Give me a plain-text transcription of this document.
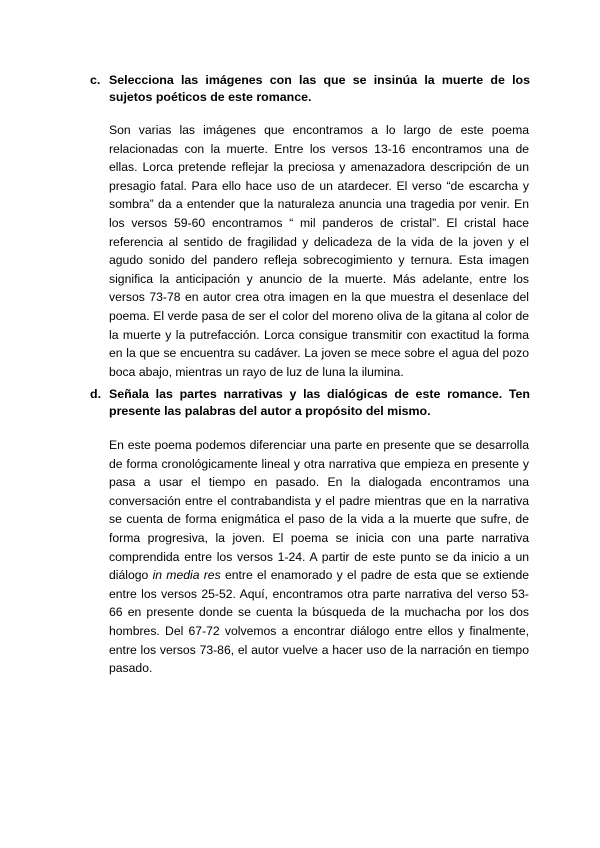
c. Selecciona las imágenes con las que se insinúa la muerte de los sujetos poéticos de este romance.
Son varias las imágenes que encontramos a lo largo de este poema relacionadas con la muerte. Entre los versos 13-16 encontramos una de ellas. Lorca pretende reflejar la preciosa y amenazadora descripción de un presagio fatal. Para ello hace uso de un atardecer. El verso “de escarcha y sombra” da a entender que la naturaleza anuncia una tragedia por venir. En los versos 59-60 encontramos “ mil panderos de cristal”. El cristal hace referencia al sentido de fragilidad y delicadeza de la vida de la joven y el agudo sonido del pandero refleja sobrecogimiento y ternura. Esta imagen significa la anticipación y anuncio de la muerte. Más adelante, entre los versos 73-78 en autor crea otra imagen en la que muestra el desenlace del poema. El verde pasa de ser el color del moreno oliva de la gitana al color de la muerte y la putrefacción. Lorca consigue transmitir con exactitud la forma en la que se encuentra su cadáver. La joven se mece sobre el agua del pozo boca abajo, mientras un rayo de luz de luna la ilumina.
d. Señala las partes narrativas y las dialógicas de este romance. Ten presente las palabras del autor a propósito del mismo.
En este poema podemos diferenciar una parte en presente que se desarrolla de forma cronológicamente lineal y otra narrativa que empieza en presente y pasa a usar el tiempo en pasado. En la dialogada encontramos una conversación entre el contrabandista y el padre mientras que en la narrativa se cuenta de forma enigmática el paso de la vida a la muerte que sufre, de forma progresiva, la joven. El poema se inicia con una parte narrativa comprendida entre los versos 1-24. A partir de este punto se da inicio a un diálogo in media res entre el enamorado y el padre de esta que se extiende entre los versos 25-52. Aquí, encontramos otra parte narrativa del verso 53-66 en presente donde se cuenta la búsqueda de la muchacha por los dos hombres. Del 67-72 volvemos a encontrar diálogo entre ellos y finalmente, entre los versos 73-86, el autor vuelve a hacer uso de la narración en tiempo pasado.
